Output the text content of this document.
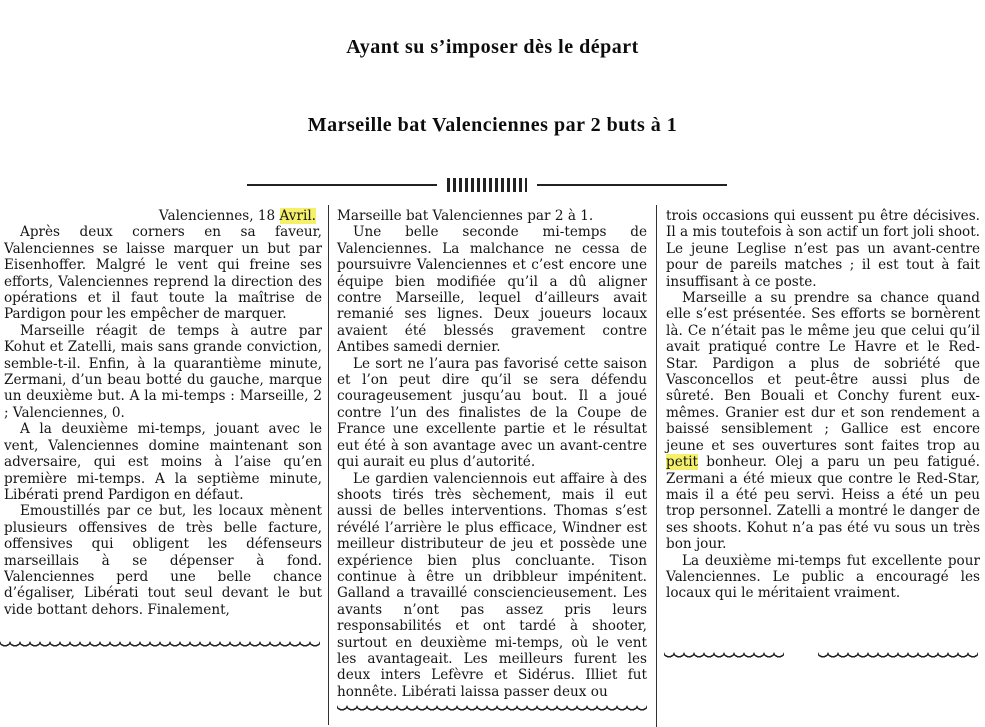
Ayant su s’imposer dès le départ
Marseille bat Valenciennes par 2 buts à 1
Valenciennes, 18 Avril.

Après deux corners en sa faveur, Valenciennes se laisse marquer un but par Eisenhoffer. Malgré le vent qui freine ses efforts, Valenciennes reprend la direction des opérations et il faut toute la maîtrise de Pardigon pour les empêcher de marquer.

Marseille réagit de temps à autre par Kohut et Zatelli, mais sans grande conviction, semble-t-il. Enfin, à la quarantième minute, Zermani, d’un beau botté du gauche, marque un deuxième but. A la mi-temps : Marseille, 2 ; Valenciennes, 0.

A la deuxième mi-temps, jouant avec le vent, Valenciennes domine maintenant son adversaire, qui est moins à l’aise qu’en première mi-temps. A la septième minute, Libérati prend Pardigon en défaut.

Emoustillés par ce but, les locaux mènent plusieurs offensives de très belle facture, offensives qui obligent les défenseurs marseillais à se dépenser à fond. Valenciennes perd une belle chance d’égaliser, Libérati tout seul devant le but vide bottant dehors. Finalement,

Marseille bat Valenciennes par 2 à 1.

Une belle seconde mi-temps de Valenciennes. La malchance ne cessa de poursuivre Valenciennes et c’est encore une équipe bien modifiée qu’il a dû aligner contre Marseille, lequel d’ailleurs avait remanié ses lignes. Deux joueurs locaux avaient été blessés gravement contre Antibes samedi dernier.

Le sort ne l’aura pas favorisé cette saison et l’on peut dire qu’il se sera défendu courageusement jusqu’au bout. Il a joué contre l’un des finalistes de la Coupe de France une excellente partie et le résultat eut été à son avantage avec un avant-centre qui aurait eu plus d’autorité.

Le gardien valenciennois eut affaire à des shoots tirés très sèchement, mais il eut aussi de belles interventions. Thomas s’est révélé l’arrière le plus efficace, Windner est meilleur distributeur de jeu et possède une expérience bien plus concluante. Tison continue à être un dribbleur impénitent. Galland a travaillé consciencieusement. Les avants n’ont pas assez pris leurs responsabilités et ont tardé à shooter, surtout en deuxième mi-temps, où le vent les avantageait. Les meilleurs furent les deux inters Lefèvre et Sidérus. Illiet fut honnête. Libérati laissa passer deux ou

trois occasions qui eussent pu être décisives. Il a mis toutefois à son actif un fort joli shoot. Le jeune Leglise n’est pas un avant-centre pour de pareils matches ; il est tout à fait insuffisant à ce poste.

Marseille a su prendre sa chance quand elle s’est présentée. Ses efforts se bornèrent là. Ce n’était pas le même jeu que celui qu’il avait pratiqué contre Le Havre et le Red-Star. Pardigon a plus de sobriété que Vasconcellos et peut-être aussi plus de sûreté. Ben Bouali et Conchy furent eux-mêmes. Granier est dur et son rendement a baissé sensiblement ; Gallice est encore jeune et ses ouvertures sont faites trop au petit bonheur. Olej a paru un peu fatigué. Zermani a été mieux que contre le Red-Star, mais il a été peu servi. Heiss a été un peu trop personnel. Zatelli a montré le danger de ses shoots. Kohut n’a pas été vu sous un très bon jour.

La deuxième mi-temps fut excellente pour Valenciennes. Le public a encouragé les locaux qui le méritaient vraiment.
